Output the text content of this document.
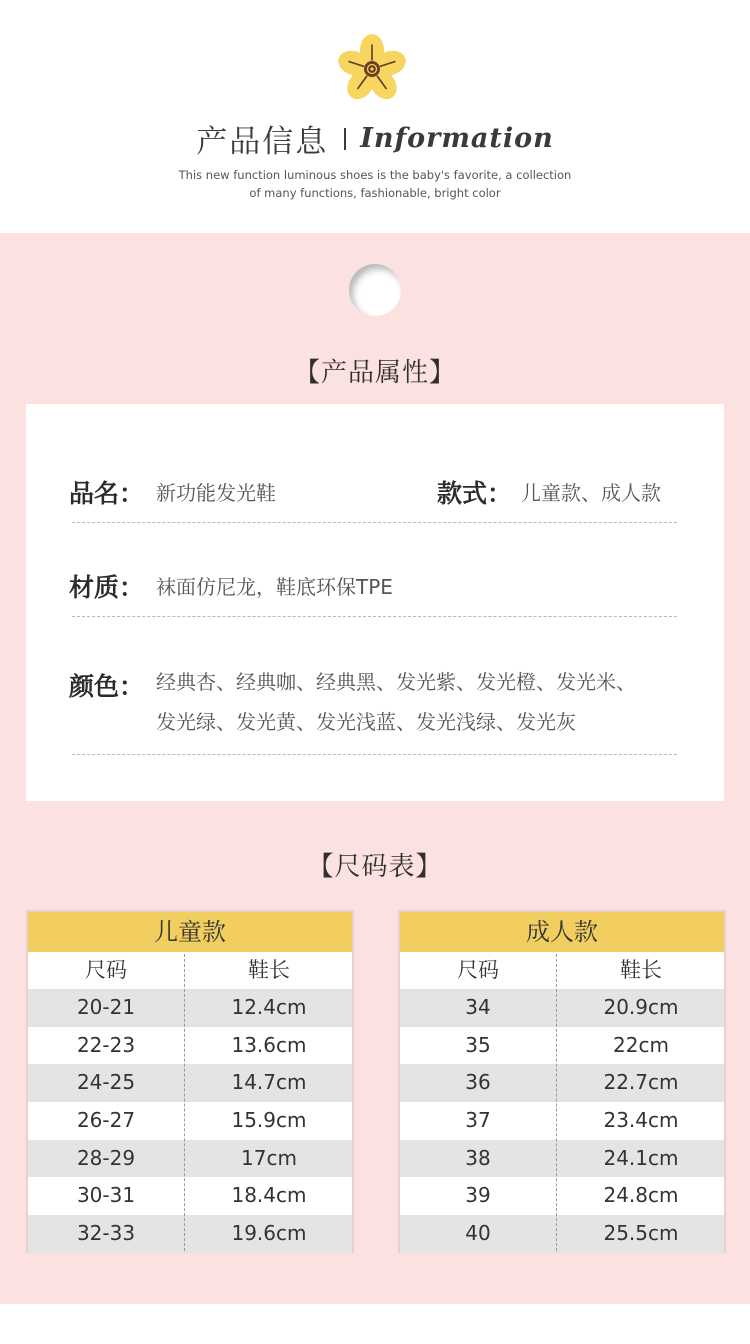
产品信息 Information
This new function luminous shoes is the baby's favorite, a collection
of many functions, fashionable, bright color
【产品属性】
品名： 新功能发光鞋	款式： 儿童款、成人款
材质： 袜面仿尼龙，鞋底环保TPE
颜色： 经典杏、经典咖、经典黑、发光紫、发光橙、发光米、
发光绿、发光黄、发光浅蓝、发光浅绿、发光灰
【尺码表】
儿童款
尺码	鞋长
20-21	12.4cm
22-23	13.6cm
24-25	14.7cm
26-27	15.9cm
28-29	17cm
30-31	18.4cm
32-33	19.6cm
成人款
尺码	鞋长
34	20.9cm
35	22cm
36	22.7cm
37	23.4cm
38	24.1cm
39	24.8cm
40	25.5cm
